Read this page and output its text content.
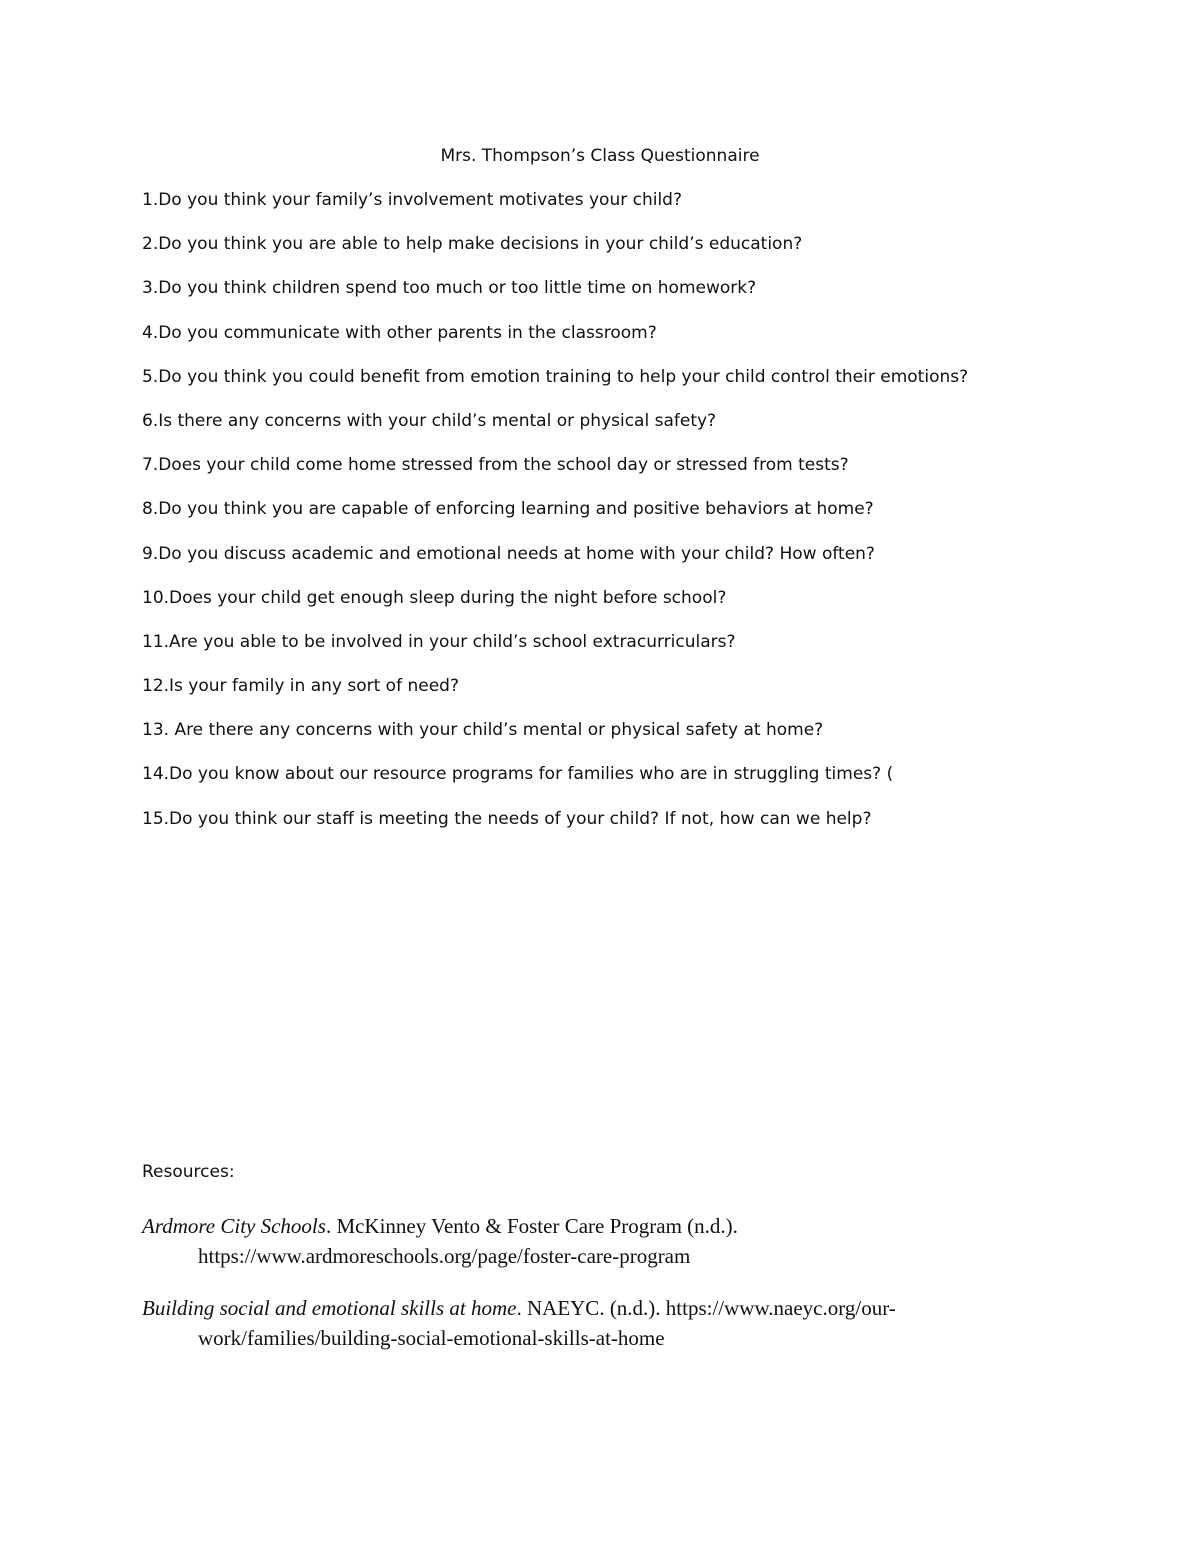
Mrs. Thompson’s Class Questionnaire
1.Do you think your family’s involvement motivates your child?
2.Do you think you are able to help make decisions in your child’s education?
3.Do you think children spend too much or too little time on homework?
4.Do you communicate with other parents in the classroom?
5.Do you think you could benefit from emotion training to help your child control their emotions?
6.Is there any concerns with your child’s mental or physical safety?
7.Does your child come home stressed from the school day or stressed from tests?
8.Do you think you are capable of enforcing learning and positive behaviors at home?
9.Do you discuss academic and emotional needs at home with your child? How often?
10.Does your child get enough sleep during the night before school?
11.Are you able to be involved in your child’s school extracurriculars?
12.Is your family in any sort of need?
13. Are there any concerns with your child’s mental or physical safety at home?
14.Do you know about our resource programs for families who are in struggling times? (
15.Do you think our staff is meeting the needs of your child? If not, how can we help?
Resources:
Ardmore City Schools. McKinney Vento & Foster Care Program (n.d.).
https://www.ardmoreschools.org/page/foster-care-program
Building social and emotional skills at home. NAEYC. (n.d.). https://www.naeyc.org/our-
work/families/building-social-emotional-skills-at-home
